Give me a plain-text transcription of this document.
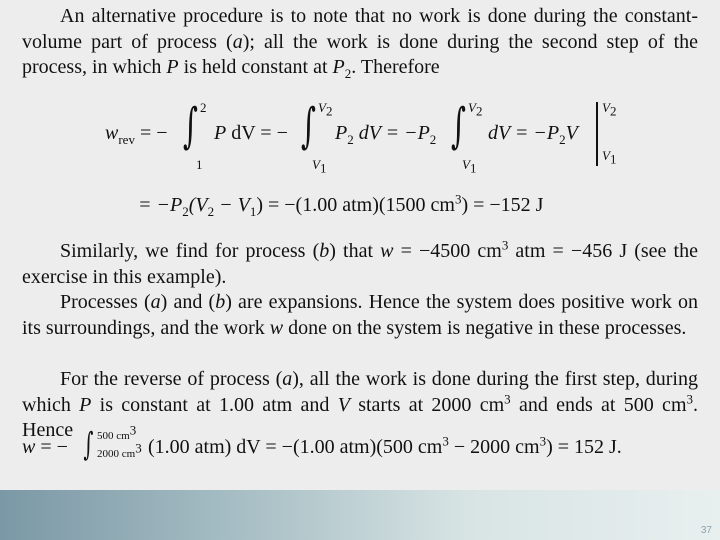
An alternative procedure is to note that no work is done during the constant-volume part of process (a); all the work is done during the second step of the process, in which P is held constant at $P_2$. Therefore
$w_{rev}$ = − ∫ 2
1
P dV = − ∫ $V_2$
$V_1$
$P_2$ dV = $-P_2$ ∫ $V_2$
$V_1$
dV = $-P_2V$
$V_2$
$V_1$
= $-P_2(V_2 - V_1) = -(1.00$ atm)(1500 $cm^3) = -152$ J
Similarly, we find for process (b) that w = −4500 $cm^3$ atm = −456 J (see the exercise in this example).
Processes (a) and (b) are expansions. Hence the system does positive work on its surroundings, and the work w done on the system is negative in these processes.
For the reverse of process (a), all the work is done during the first step, during which P is constant at 1.00 atm and V starts at 2000 $cm^3$ and ends at 500 $cm^3$. Hence
w = − ∫ 500 $cm^3$
2000 $cm^3$ (1.00 atm) dV = −(1.00 atm)(500 $cm^3 - 2000$ $cm^3) = 152$ J.
37
